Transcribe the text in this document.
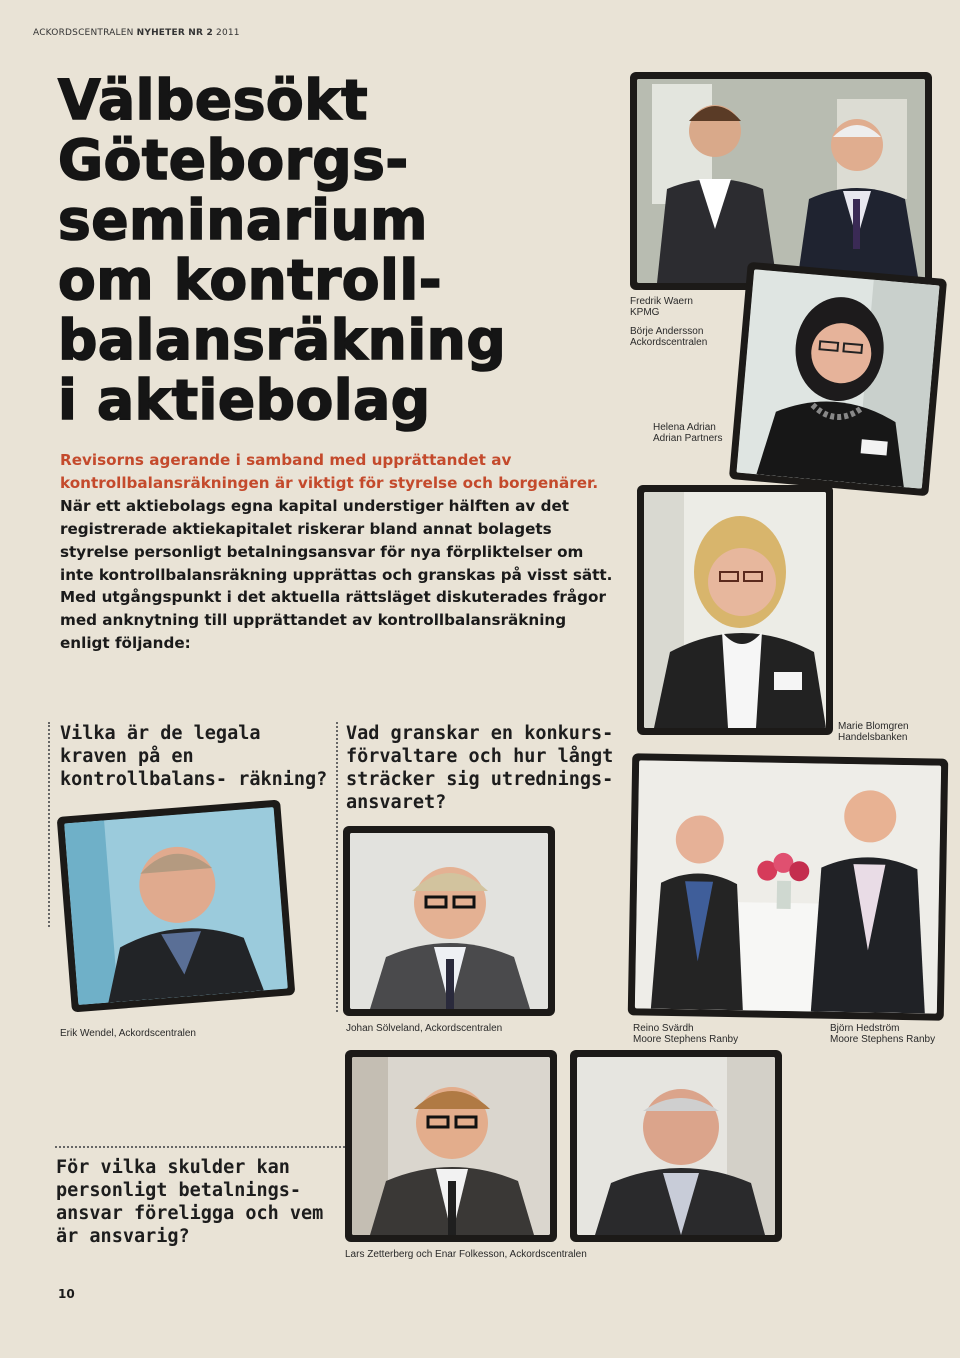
ACKORDSCENTRALEN NYHETER NR 2 2011
Välbesökt
Göteborgs-
seminarium
om kontroll-
balansräkning
i aktiebolag

Revisorns agerande i samband med upprättandet av kontrollbalansräkningen är viktigt för styrelse och borgenärer. När ett aktiebolags egna kapital understiger hälften av det registrerade aktiekapitalet riskerar bland annat bolagets styrelse personligt betalningsansvar för nya förpliktelser om inte kontrollbalansräkning upprättas och granskas på visst sätt. Med utgångspunkt i det aktuella rättsläget diskuterades frågor med anknytning till upprättandet av kontrollbalansräkning enligt följande:

Fredrik Waern
KPMG
Börje Andersson
Ackordscentralen
Helena Adrian
Adrian Partners
Marie Blomgren
Handelsbanken
Vilka är de legala kraven på en kontrollbalans- räkning?
Vad granskar en konkurs- förvaltare och hur långt sträcker sig utrednings- ansvaret?
Erik Wendel, Ackordscentralen	Johan Sölveland, Ackordscentralen	Reino Svärdh
Moore Stephens Ranby
Björn Hedström
Moore Stephens Ranby
För vilka skulder kan personligt betalnings- ansvar föreligga och vem är ansvarig?
Lars Zetterberg och Enar Folkesson, Ackordscentralen
10
